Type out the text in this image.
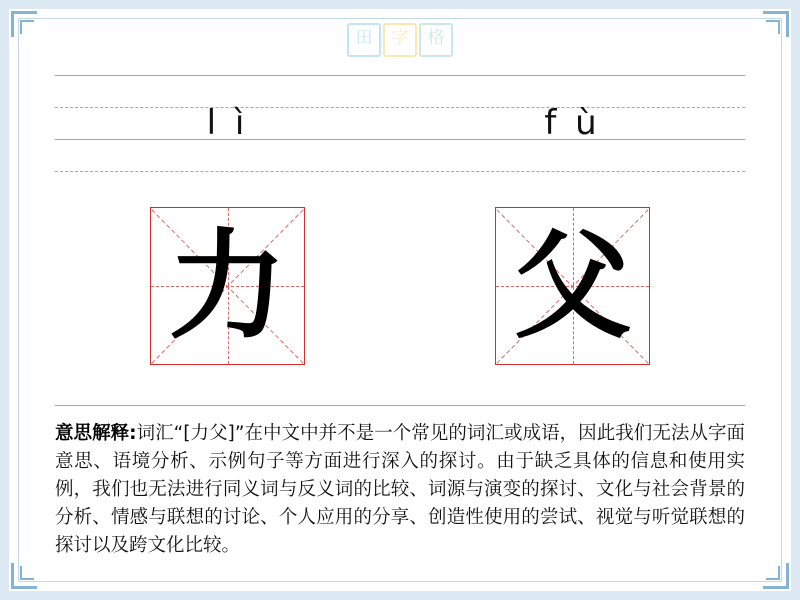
田	字	格
l ì	f ù
力 父
意思解释:词汇“[力父]”在中文中并不是一个常见的词汇或成语，因此我们无法从字面意思、语境分析、示例句子等方面进行深入的探讨。由于缺乏具体的信息和使用实例，我们也无法进行同义词与反义词的比较、词源与演变的探讨、文化与社会背景的分析、情感与联想的讨论、个人应用的分享、创造性使用的尝试、视觉与听觉联想的探讨以及跨文化比较。
